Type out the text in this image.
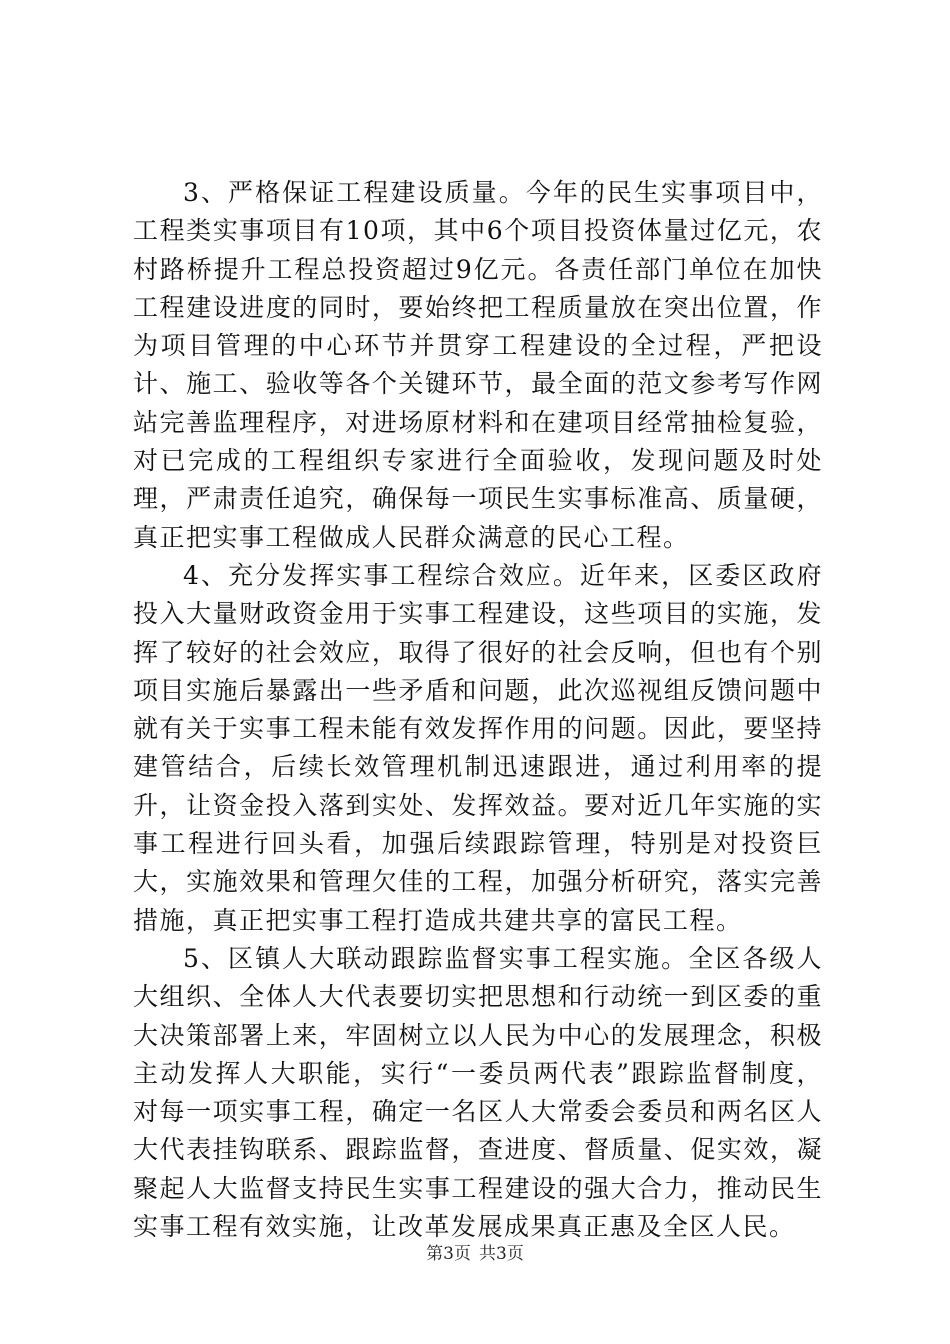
3、严格保证工程建设质量。今年的民生实事项目中，工程类实事项目有10项，其中6个项目投资体量过亿元，农村路桥提升工程总投资超过9亿元。各责任部门单位在加快工程建设进度的同时，要始终把工程质量放在突出位置，作为项目管理的中心环节并贯穿工程建设的全过程，严把设计、施工、验收等各个关键环节，最全面的范文参考写作网站完善监理程序，对进场原材料和在建项目经常抽检复验，对已完成的工程组织专家进行全面验收，发现问题及时处理，严肃责任追究，确保每一项民生实事标准高、质量硬，真正把实事工程做成人民群众满意的民心工程。

4、充分发挥实事工程综合效应。近年来，区委区政府投入大量财政资金用于实事工程建设，这些项目的实施，发挥了较好的社会效应，取得了很好的社会反响，但也有个别项目实施后暴露出一些矛盾和问题，此次巡视组反馈问题中就有关于实事工程未能有效发挥作用的问题。因此，要坚持建管结合，后续长效管理机制迅速跟进，通过利用率的提升，让资金投入落到实处、发挥效益。要对近几年实施的实事工程进行回头看，加强后续跟踪管理，特别是对投资巨大，实施效果和管理欠佳的工程，加强分析研究，落实完善措施，真正把实事工程打造成共建共享的富民工程。

5、区镇人大联动跟踪监督实事工程实施。全区各级人大组织、全体人大代表要切实把思想和行动统一到区委的重大决策部署上来，牢固树立以人民为中心的发展理念，积极主动发挥人大职能，实行“一委员两代表”跟踪监督制度，对每一项实事工程，确定一名区人大常委会委员和两名区人大代表挂钩联系、跟踪监督，查进度、督质量、促实效，凝聚起人大监督支持民生实事工程建设的强大合力，推动民生实事工程有效实施，让改革发展成果真正惠及全区人民。

第3页 共3页
